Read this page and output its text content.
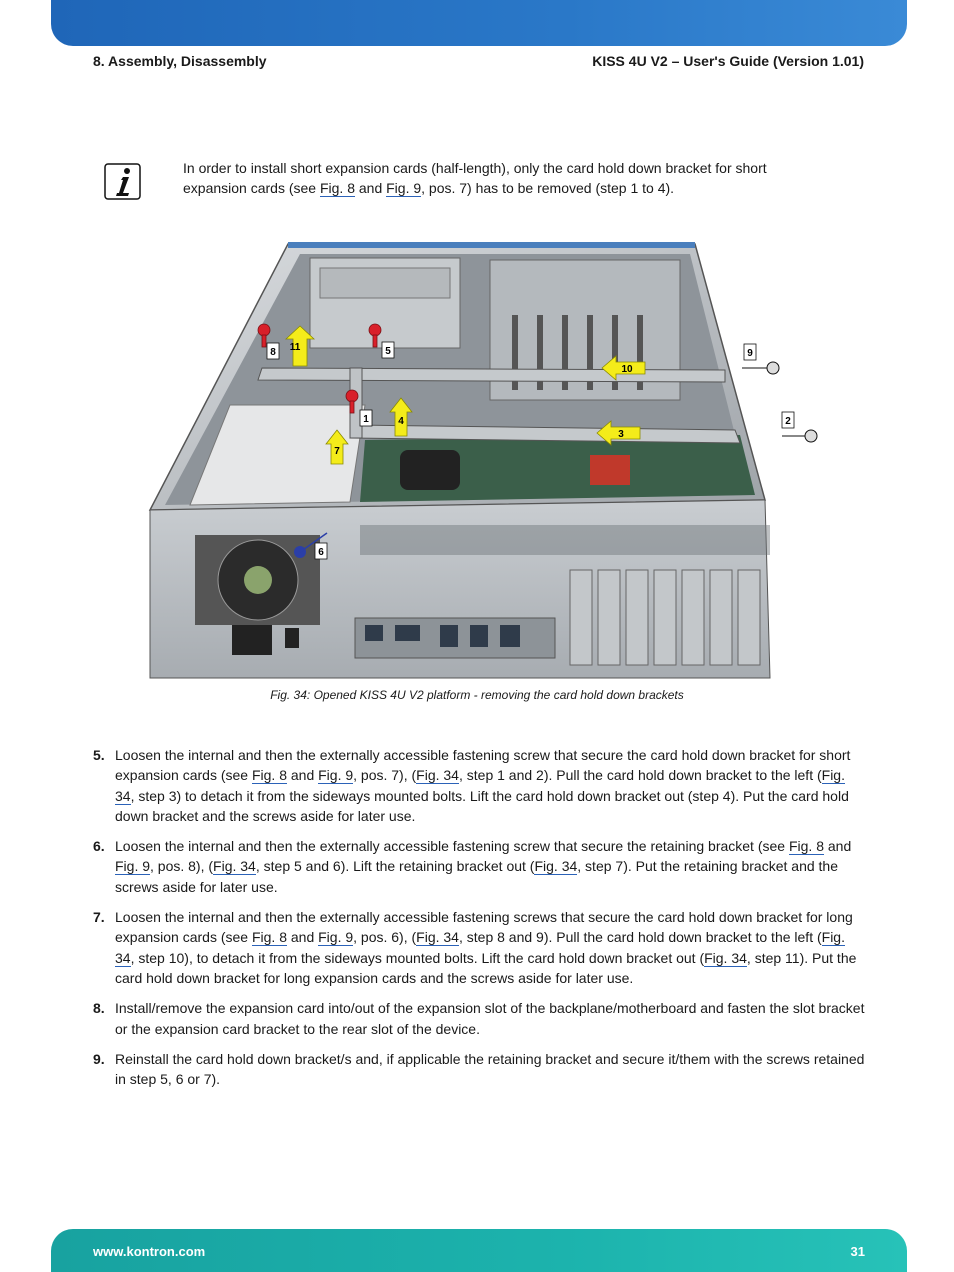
8. Assembly, Disassembly	KISS 4U V2 – User's Guide (Version 1.01)
In order to install short expansion cards (half-length), only the card hold down bracket for short expansion cards (see Fig. 8 and Fig. 9, pos. 7) has to be removed (step 1 to 4).
1	2
3
4
5
6
7
8	9
10
11
Fig. 34: Opened KISS 4U V2 platform - removing the card hold down brackets
5. Loosen the internal and then the externally accessible fastening screw that secure the card hold down bracket for short expansion cards (see Fig. 8 and Fig. 9, pos. 7), (Fig. 34, step 1 and 2). Pull the card hold down bracket to the left (Fig. 34, step 3) to detach it from the sideways mounted bolts. Lift the card hold down bracket out (step 4). Put the card hold down bracket and the screws aside for later use.
6. Loosen the internal and then the externally accessible fastening screw that secure the retaining bracket (see Fig. 8 and Fig. 9, pos. 8), (Fig. 34, step 5 and 6). Lift the retaining bracket out (Fig. 34, step 7). Put the retaining bracket and the screws aside for later use.
7. Loosen the internal and then the externally accessible fastening screws that secure the card hold down bracket for long expansion cards (see Fig. 8 and Fig. 9, pos. 6), (Fig. 34, step 8 and 9). Pull the card hold down bracket to the left (Fig. 34, step 10), to detach it from the sideways mounted bolts. Lift the card hold down bracket out (Fig. 34, step 11). Put the card hold down bracket for long expansion cards and the screws aside for later use.
8. Install/remove the expansion card into/out of the expansion slot of the backplane/motherboard and fasten the slot bracket or the expansion card bracket to the rear slot of the device.
9. Reinstall the card hold down bracket/s and, if applicable the retaining bracket and secure it/them with the screws retained in step 5, 6 or 7).
www.kontron.com	31
